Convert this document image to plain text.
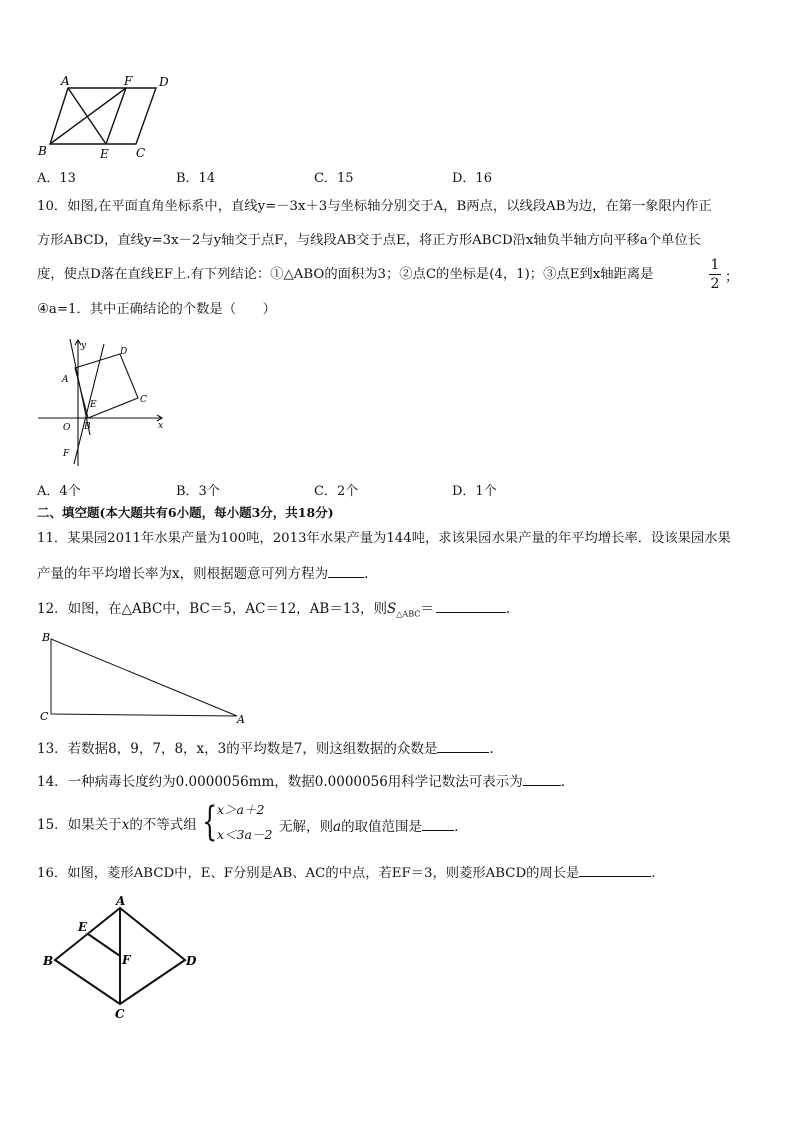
A	F D
B	E C
A．13	B．14	C．15	D．16
10．如图,在平面直角坐标系中，直线y=－3x＋3与坐标轴分别交于A，B两点，以线段AB为边，在第一象限内作正
方形ABCD，直线y=3x－2与y轴交于点F，与线段AB交于点E，将正方形ABCD沿x轴负半轴方向平移a个单位长
度，使点D落在直线EF上.有下列结论：①△ABO的面积为3；②点C的坐标是(4，1)；③点E到x轴距离是
1
2 ；
④a=1．其中正确结论的个数是（　　）
y
x
A
D
C
E
O B
F
A．4个	B．3个	C．2个	D．1个
二、填空题(本大题共有6小题，每小题3分，共18分)
11．某果园2011年水果产量为100吨，2013年水果产量为144吨，求该果园水果产量的年平均增长率．设该果园水果
产量的年平均增长率为x，则根据题意可列方程为	.
12．如图，在△ABC中，BC＝5，AC＝12，AB＝13，则$S_{\triangle ABC}=$	.
B
C	A
13．若数据8，9，7，8，x，3的平均数是7，则这组数据的众数是	.
14．一种病毒长度约为0.0000056mm，数据0.0000056用科学记数法可表示为	.
15．如果关于x的不等式组 { x＞a＋2
x＜3a－2 无解，则a的取值范围是 .
16．如图，菱形ABCD中，E、F分别是AB、AC的中点，若EF＝3，则菱形ABCD的周长是	.
A
E
B	F	D
C
